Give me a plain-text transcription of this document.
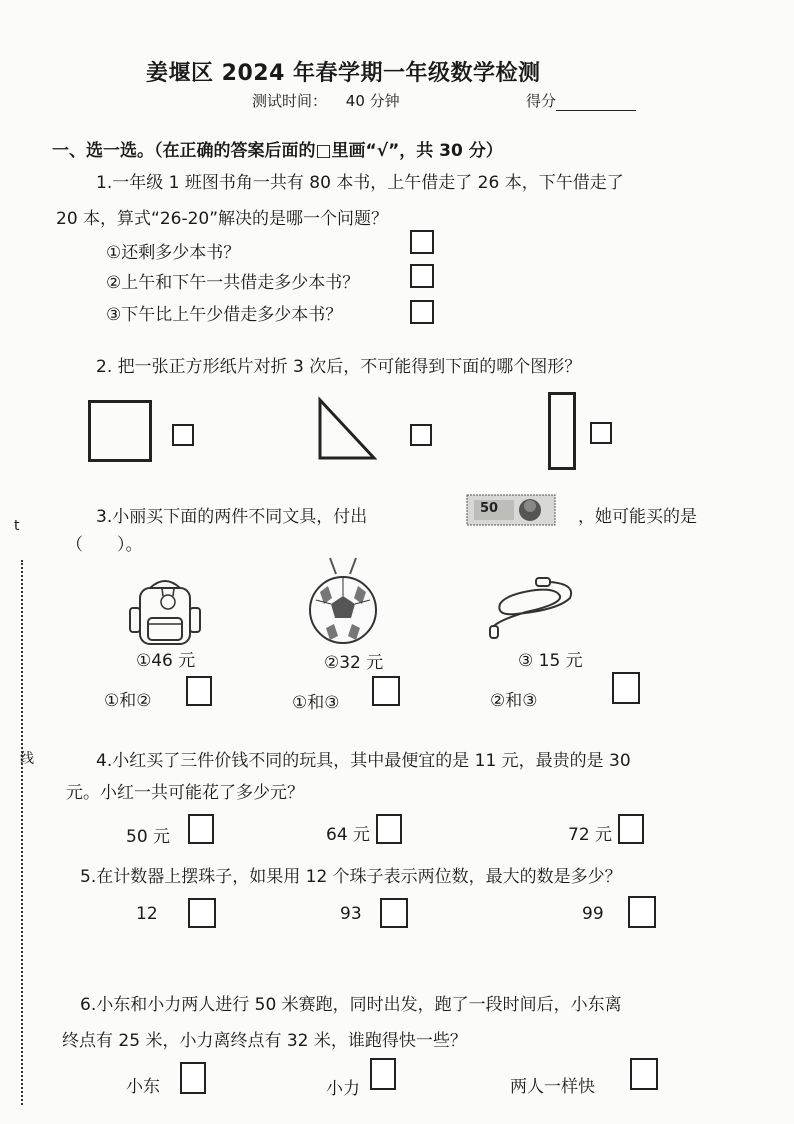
t
线
姜堰区 2024 年春学期一年级数学检测
测试时间： 40 分钟	得分
一、选一选。（在正确的答案后面的□里画“√”，共 30 分）
1.一年级 1 班图书角一共有 80 本书，上午借走了 26 本，下午借走了
20 本，算式“26-20”解决的是哪一个问题？
①还剩多少本书？
②上午和下午一共借走多少本书？
③下午比上午少借走多少本书？
2. 把一张正方形纸片对折 3 次后，不可能得到下面的哪个图形？
3.小丽买下面的两件不同文具，付出	50	，她可能买的是
（　　）。
①46 元	②32 元	③ 15 元
①和②	①和③	②和③
4.小红买了三件价钱不同的玩具，其中最便宜的是 11 元，最贵的是 30
元。小红一共可能花了多少元？
50 元	64 元	72 元
5.在计数器上摆珠子，如果用 12 个珠子表示两位数，最大的数是多少？
12	93	99
6.小东和小力两人进行 50 米赛跑，同时出发，跑了一段时间后，小东离
终点有 25 米，小力离终点有 32 米，谁跑得快一些？
小东	小力	两人一样快
